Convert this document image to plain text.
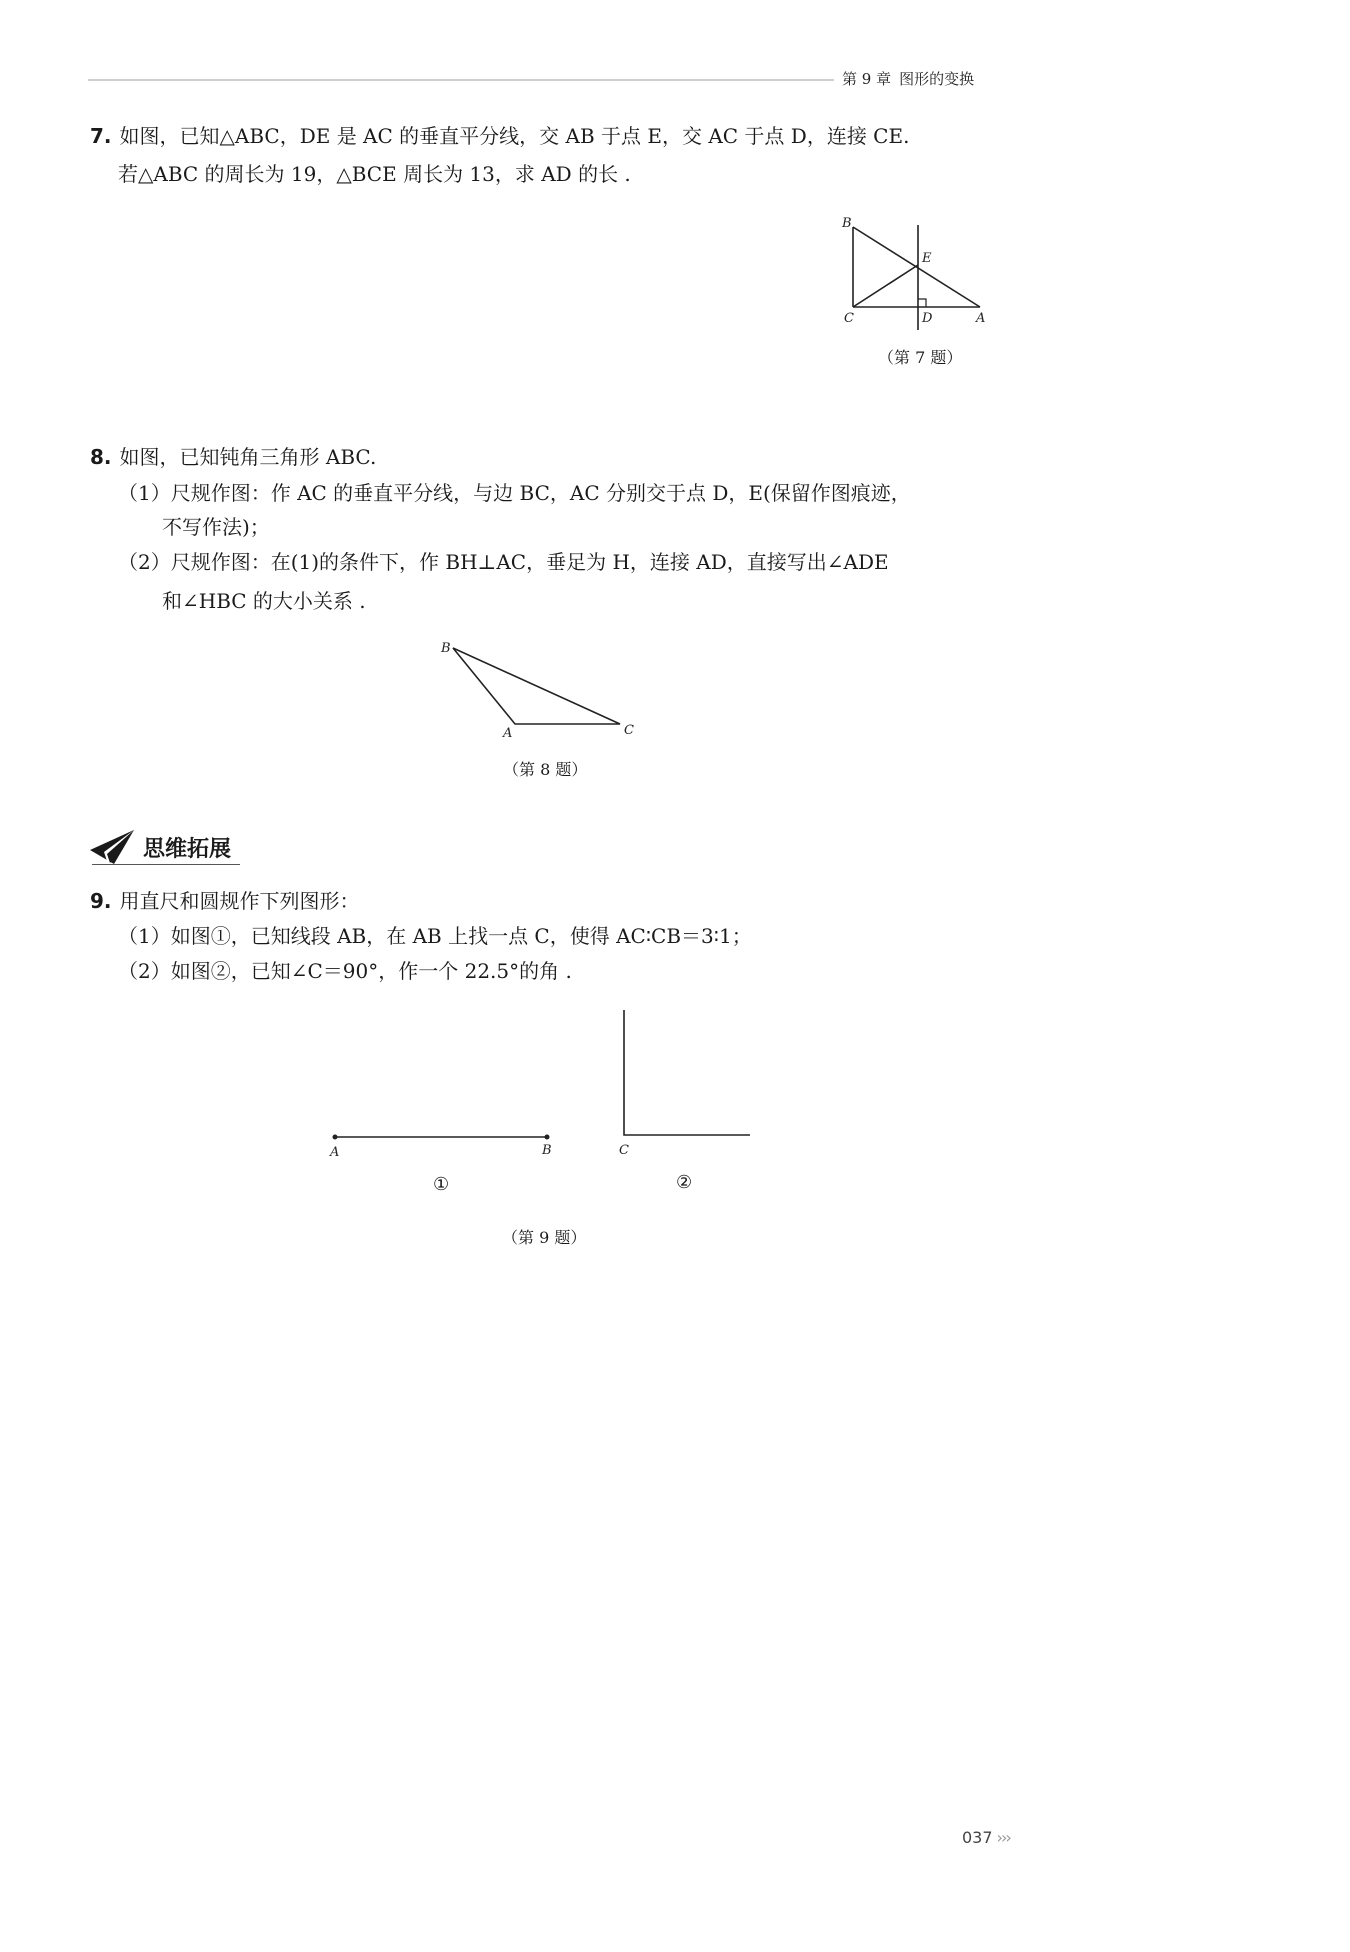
第 9 章 图形的变换
7. 如图，已知△ABC，DE 是 AC 的垂直平分线，交 AB 于点 E，交 AC 于点 D，连接 CE.
若△ABC 的周长为 19，△BCE 周长为 13，求 AD 的长 .
B
E
C	D	A
（第 7 题）
8. 如图，已知钝角三角形 ABC.
（1）尺规作图：作 AC 的垂直平分线，与边 BC，AC 分别交于点 D，E(保留作图痕迹，
不写作法)；
（2）尺规作图：在(1)的条件下，作 BH⊥AC，垂足为 H，连接 AD，直接写出∠ADE
和∠HBC 的大小关系 .
B
A	C
（第 8 题）
思维拓展
9. 用直尺和圆规作下列图形：
（1）如图①，已知线段 AB，在 AB 上找一点 C，使得 AC∶CB＝3∶1；
（2）如图②，已知∠C＝90°，作一个 22.5°的角 .
A	B	C
①	②
（第 9 题）
037 ›››
